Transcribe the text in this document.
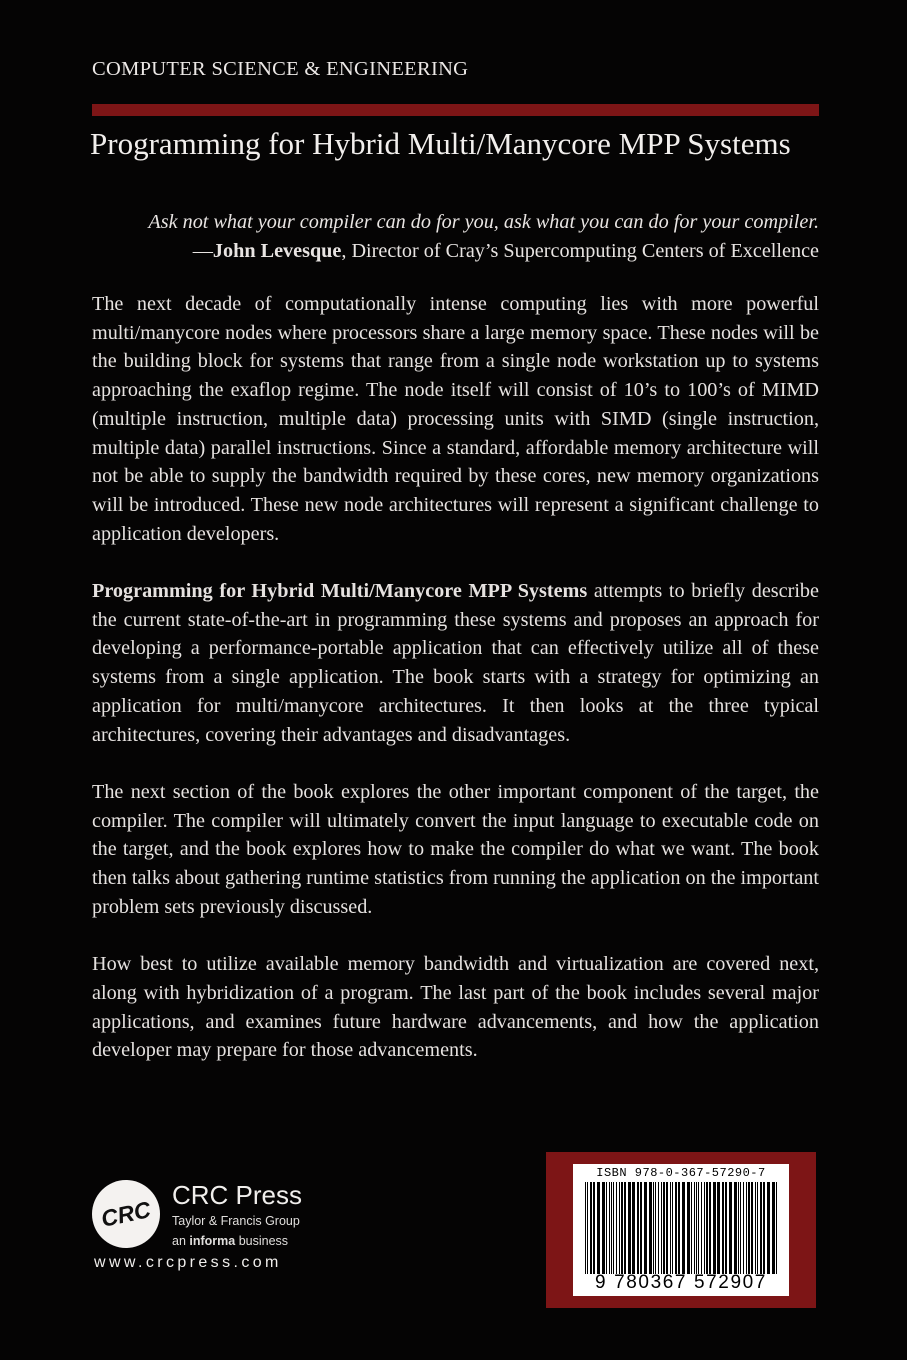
COMPUTER SCIENCE & ENGINEERING
Programming for Hybrid Multi/Manycore MPP Systems
Ask not what your compiler can do for you, ask what you can do for your compiler.
—John Levesque, Director of Cray’s Supercomputing Centers of Excellence

The next decade of computationally intense computing lies with more powerful multi/manycore nodes where processors share a large memory space. These nodes will be the building block for systems that range from a single node workstation up to systems approaching the exaflop regime. The node itself will consist of 10’s to 100’s of MIMD (multiple instruction, multiple data) processing units with SIMD (single instruction, multiple data) parallel instructions. Since a standard, affordable memory architecture will not be able to supply the bandwidth required by these cores, new memory organizations will be introduced. These new node architectures will represent a significant challenge to application developers.

Programming for Hybrid Multi/Manycore MPP Systems attempts to briefly describe the current state-of-the-art in programming these systems and proposes an approach for developing a performance-portable application that can effectively utilize all of these systems from a single application. The book starts with a strategy for optimizing an application for multi/manycore architectures. It then looks at the three typical architectures, covering their advantages and disadvantages.

The next section of the book explores the other important component of the target, the compiler. The compiler will ultimately convert the input language to executable code on the target, and the book explores how to make the compiler do what we want. The book then talks about gathering runtime statistics from running the application on the important problem sets previously discussed.

How best to utilize available memory bandwidth and virtualization are covered next, along with hybridization of a program. The last part of the book includes several major applications, and examines future hardware advancements, and how the application developer may prepare for those advancements.

CRC
CRC Press
Taylor & Francis Group
an informa business
www.crcpress.com
ISBN 978-0-367-57290-7
9 780367 572907
